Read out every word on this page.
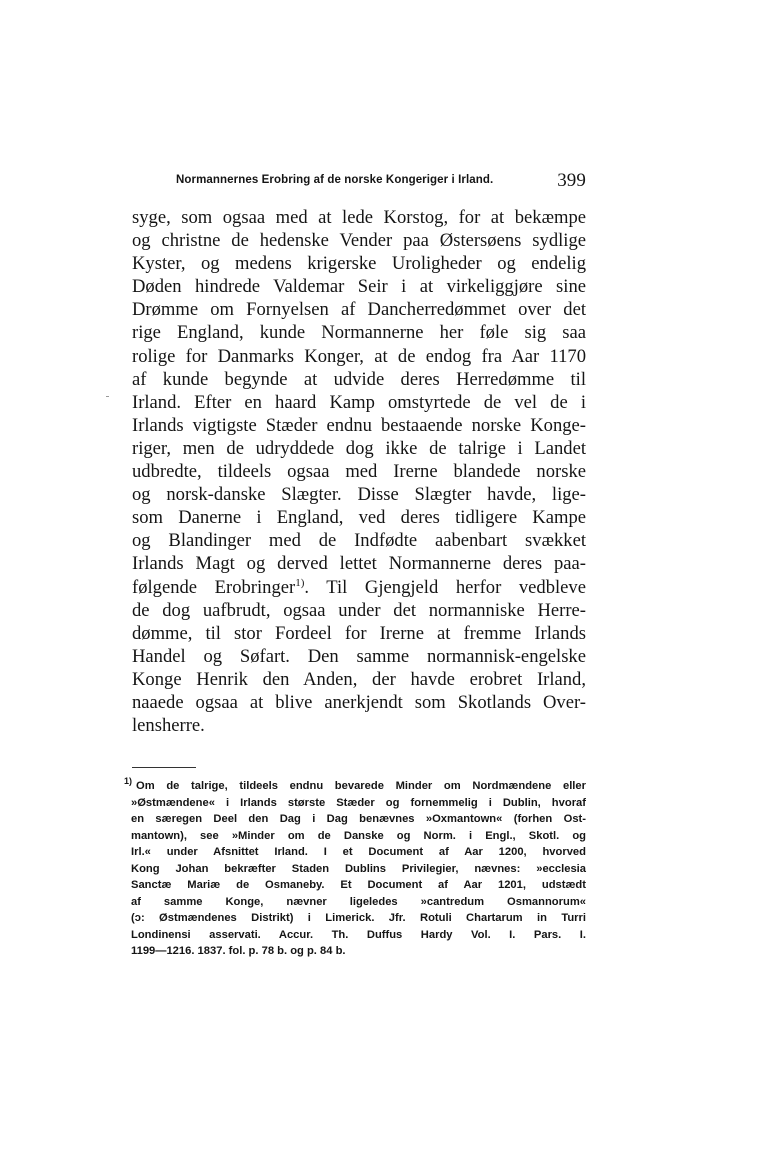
Normannernes Erobring af de norske Kongeriger i Irland.	399
syge, som ogsaa med at lede Korstog, for at bekæmpe
og christne de hedenske Vender paa Østersøens sydlige
Kyster, og medens krigerske Uroligheder og endelig
Døden hindrede Valdemar Seir i at virkeliggjøre sine
Drømme om Fornyelsen af Dancherredømmet over det
rige England, kunde Normannerne her føle sig saa
rolige for Danmarks Konger, at de endog fra Aar 1170
af kunde begynde at udvide deres Herredømme til
Irland. Efter en haard Kamp omstyrtede de vel de i
Irlands vigtigste Stæder endnu bestaaende norske Konge-
riger, men de udryddede dog ikke de talrige i Landet
udbredte, tildeels ogsaa med Irerne blandede norske
og norsk-danske Slægter. Disse Slægter havde, lige-
som Danerne i England, ved deres tidligere Kampe
og Blandinger med de Indfødte aabenbart svækket
Irlands Magt og derved lettet Normannerne deres paa-
følgende Erobringer$^{1)}$. Til Gjengjeld herfor vedbleve
de dog uafbrudt, ogsaa under det normanniske Herre-
dømme, til stor Fordeel for Irerne at fremme Irlands
Handel og Søfart. Den samme normannisk-engelske
Konge Henrik den Anden, der havde erobret Irland,
naaede ogsaa at blive anerkjendt som Skotlands Over-
lensherre.
$^{1)}$ Om de talrige, tildeels endnu bevarede Minder om Nordmændene eller
»Østmændene« i Irlands største Stæder og fornemmelig i Dublin, hvoraf
en særegen Deel den Dag i Dag benævnes »Oxmantown« (forhen Ost-
mantown), see »Minder om de Danske og Norm. i Engl., Skotl. og
Irl.« under Afsnittet Irland. I et Document af Aar 1200, hvorved
Kong Johan bekræfter Staden Dublins Privilegier, nævnes: »ecclesia
Sanctæ Mariæ de Osmaneby. Et Document af Aar 1201, udstædt
af samme Konge, nævner ligeledes »cantredum Osmannorum«
(ɔ: Østmændenes Distrikt) i Limerick. Jfr. Rotuli Chartarum in Turri
Londinensi asservati. Accur. Th. Duffus Hardy Vol. I. Pars. I.
1199—1216. 1837. fol. p. 78 b. og p. 84 b.
